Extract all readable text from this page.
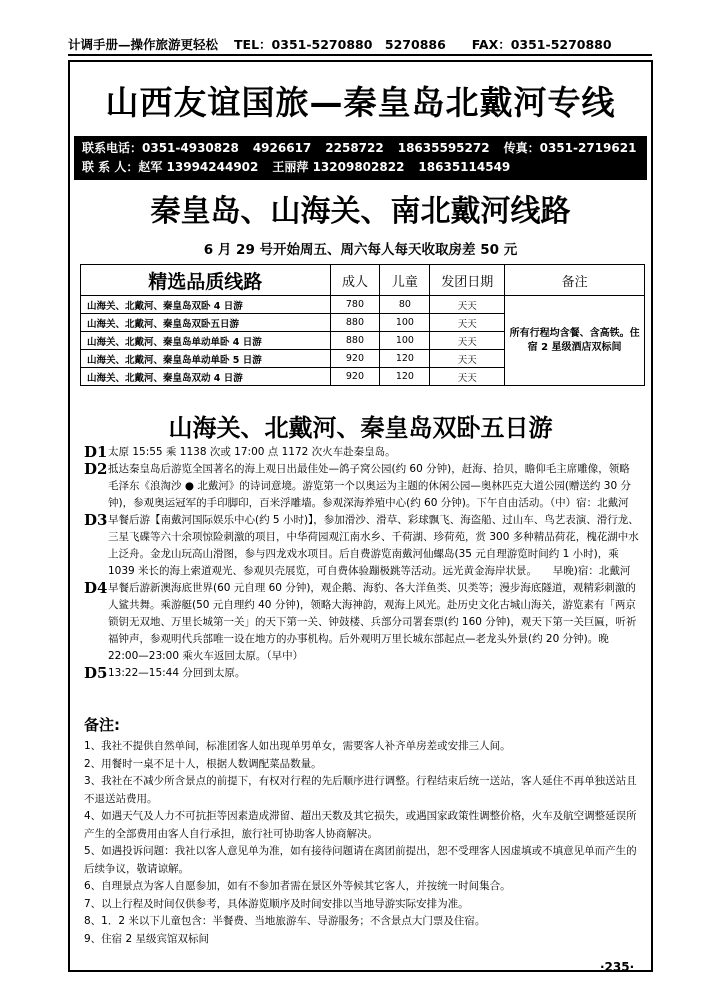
计调手册—操作旅游更轻松 TEL：0351-5270880　5270886 FAX：0351-5270880
山西友谊国旅—秦皇岛北戴河专线
联系电话：0351-4930828 4926617 2258722 18635595272 传真：0351-2719621
联 系 人：赵军 13994244902 王丽萍 13209802822 18635114549
秦皇岛、山海关、南北戴河线路
6 月 29 号开始周五、周六每人每天收取房差 50 元
精选品质线路	成人	儿童	发团日期	备注
山海关、北戴河、秦皇岛双卧 4 日游	780	80	天天	所有行程均含餐、含高铁。住宿 2 星级酒店双标间
山海关、北戴河、秦皇岛双卧五日游	880	100	天天	
山海关、北戴河、秦皇岛单动单卧 4 日游	880	100	天天	
山海关、北戴河、秦皇岛单动单卧 5 日游	920	120	天天	
山海关、北戴河、秦皇岛双动 4 日游	920	120	天天	
山海关、北戴河、秦皇岛双卧五日游
D1 太原 15:55 乘 1138 次或 17:00 点 1172 次火车赴秦皇岛。
D2 抵达秦皇岛后游览全国著名的海上观日出最佳处—鸽子窝公园(约 60 分钟)，赶海、拾贝，瞻仰毛主席雕像，领略毛泽东《浪淘沙 ● 北戴河》的诗词意境。游览第一个以奥运为主题的休闲公园—奥林匹克大道公园(赠送约 30 分钟)，参观奥运冠军的手印脚印，百米浮雕墙。参观深海养殖中心(约 60 分钟)。下午自由活动。（中）宿：北戴河
D3 早餐后游【南戴河国际娱乐中心(约 5 小时)】，参加滑沙、滑草、彩球飘飞、海盗船、过山车、鸟艺表演、滑行龙、三星飞碟等六十余项惊险刺激的项目，中华荷园观江南水乡、千荷湖、珍荷苑，赏 300 多种精品荷花，槐花湖中水上泛舟。金龙山玩高山滑图，参与四龙戏水项目。后自费游览南戴河仙螺岛(35 元自理游览时间约 1 小时)，乘 1039 米长的海上索道观光、参观贝壳展览，可自费体验蹦极跳等活动。远光黄金海岸状景。　　早晚)宿：北戴河
D4 早餐后游新澳海底世界(60 元自理 60 分钟)，观企鹅、海豹、各大洋鱼类、贝类等；漫步海底隧道，观精彩刺激的人鲨共舞。乘游艇(50 元自理约 40 分钟)，领略大海神韵，观海上风光。赴历史文化古城山海关，游览素有「两京锁钥无双地、万里长城第一关」的天下第一关、钟鼓楼、兵部分司署套票(约 160 分钟)，观天下第一关巨匾，听祈福钟声，参观明代兵部唯一设在地方的办事机构。后外观明万里长城东部起点—老龙头外景(约 20 分钟)。晚 22:00—23:00 乘火车返回太原。（早中）
D5 13:22—15:44 分回到太原。
备注:
1、我社不提供自然单间，标准团客人如出现单男单女，需要客人补齐单房差或安排三人间。
2、用餐时一桌不足十人，根据人数调配菜品数量。
3、我社在不减少所含景点的前提下，有权对行程的先后顺序进行调整。行程结束后统一送站，客人延住不再单独送站且不退送站费用。
4、如遇天气及人力不可抗拒等因素造成滞留、超出天数及其它损失，或遇国家政策性调整价格，火车及航空调整延误所产生的全部费用由客人自行承担，旅行社可协助客人协商解决。
5、如遇投诉问题：我社以客人意见单为准，如有接待问题请在离团前提出，恕不受理客人因虚填或不填意见单而产生的后续争议，敬请谅解。
6、自理景点为客人自愿参加，如有不参加者需在景区外等候其它客人，并按统一时间集合。
7、以上行程及时间仅供参考，具体游览顺序及时间安排以当地导游实际安排为准。
8、1．2 米以下儿童包含：半餐费、当地旅游车、导游服务；不含景点大门票及住宿。
9、住宿 2 星级宾馆双标间
·235·
